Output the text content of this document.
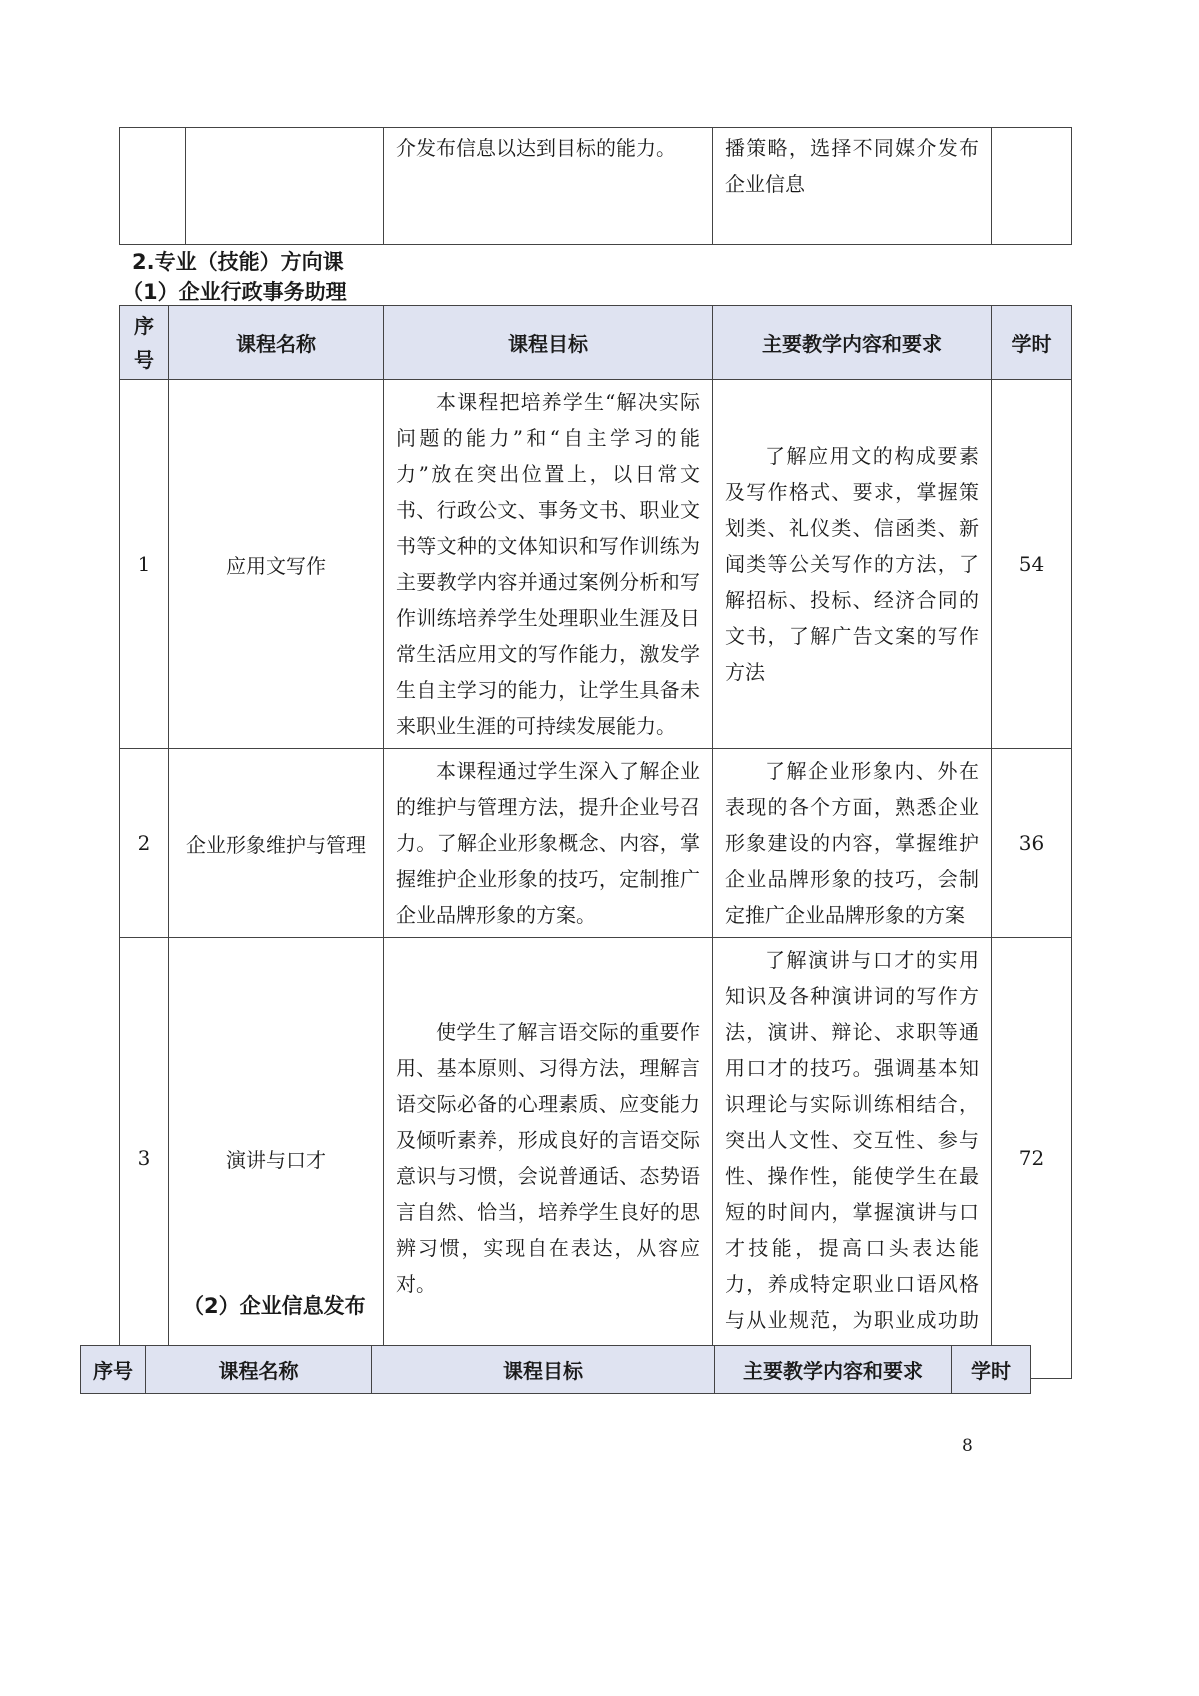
		介发布信息以达到目标的能力。	播策略，选择不同媒介发布企业信息	
2.专业（技能）方向课
（1）企业行政事务助理
序号	课程名称	课程目标	主要教学内容和要求	学时
1	应用文写作	本课程把培养学生“解决实际问题的能力”和“自主学习的能力”放在突出位置上，以日常文书、行政公文、事务文书、职业文书等文种的文体知识和写作训练为主要教学内容并通过案例分析和写作训练培养学生处理职业生涯及日常生活应用文的写作能力，激发学生自主学习的能力，让学生具备未来职业生涯的可持续发展能力。	了解应用文的构成要素及写作格式、要求，掌握策划类、礼仪类、信函类、新闻类等公关写作的方法，了解招标、投标、经济合同的文书，了解广告文案的写作方法	54
2	企业形象维护与管理	本课程通过学生深入了解企业的维护与管理方法，提升企业号召力。了解企业形象概念、内容，掌握维护企业形象的技巧，定制推广企业品牌形象的方案。	了解企业形象内、外在表现的各个方面，熟悉企业形象建设的内容，掌握维护企业品牌形象的技巧，会制定推广企业品牌形象的方案	36
3	演讲与口才	使学生了解言语交际的重要作用、基本原则、习得方法，理解言语交际必备的心理素质、应变能力及倾听素养，形成良好的言语交际意识与习惯，会说普通话、态势语言自然、恰当，培养学生良好的思辨习惯，实现自在表达，从容应对。	了解演讲与口才的实用知识及各种演讲词的写作方法，演讲、辩论、求职等通用口才的技巧。强调基本知识理论与实际训练相结合，突出人文性、交互性、参与性、操作性，能使学生在最短的时间内，掌握演讲与口才技能，提高口头表达能力，养成特定职业口语风格与从业规范，为职业成功助	72
（2）企业信息发布
序号	课程名称	课程目标	主要教学内容和要求	学时
8
